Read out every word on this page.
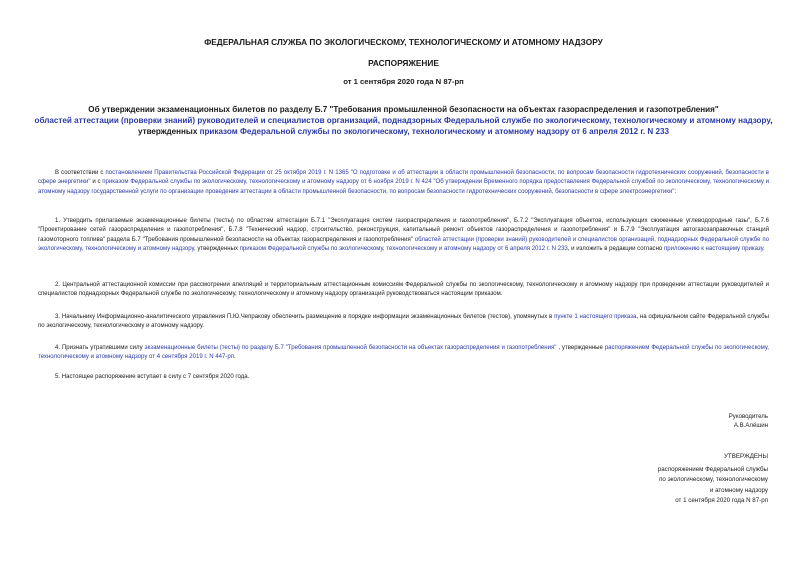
ФЕДЕРАЛЬНАЯ СЛУЖБА ПО ЭКОЛОГИЧЕСКОМУ, ТЕХНОЛОГИЧЕСКОМУ И АТОМНОМУ НАДЗОРУ
РАСПОРЯЖЕНИЕ
от 1 сентября 2020 года N 87-рп
Об утверждении экзаменационных билетов по разделу Б.7 "Требования промышленной безопасности на объектах газораспределения и газопотребления"
областей аттестации (проверки знаний) руководителей и специалистов организаций, поднадзорных Федеральной службе по экологическому, технологическому и атомному надзору, утвержденных приказом Федеральной службы по экологическому, технологическому и атомному надзору от 6 апреля 2012 г. N 233
В соответствии с постановлением Правительства Российской Федерации от 25 октября 2019 г. N 1365 "О подготовке и об аттестации в области промышленной безопасности, по вопросам безопасности гидротехнических сооружений, безопасности в сфере энергетики" и с приказом Федеральной службы по экологическому, технологическому и атомному надзору от 6 ноября 2019 г. N 424 "Об утверждении Временного порядка предоставления Федеральной службой по экологическому, технологическому и атомному надзору государственной услуги по организации проведения аттестации в области промышленной безопасности, по вопросам безопасности гидротехнических сооружений, безопасности в сфере электроэнергетики":
1. Утвердить прилагаемые экзаменационные билеты (тесты) по областям аттестации Б.7.1 "Эксплуатация систем газораспределения и газопотребления", Б.7.2 "Эксплуатация объектов, использующих сжиженные углеводородные газы", Б.7.6 "Проектирование сетей газораспределения и газопотребления", Б.7.8 "Технический надзор, строительство, реконструкция, капитальный ремонт объектов газораспределения и газопотребления" и Б.7.9 "Эксплуатация автогазозаправочных станций газомоторного топлива" раздела Б.7 "Требования промышленной безопасности на объектах газораспределения и газопотребления" областей аттестации (проверки знаний) руководителей и специалистов организаций, поднадзорных Федеральной службе по экологическому, технологическому и атомному надзору, утвержденных приказом Федеральной службы по экологическому, технологическому и атомному надзору от 6 апреля 2012 г. N 233, и изложить в редакции согласно приложению к настоящему приказу.
2. Центральной аттестационной комиссии при рассмотрении апелляций и территориальным аттестационным комиссиям Федеральной службы по экологическому, технологическому и атомному надзору при проведении аттестации руководителей и специалистов поднадзорных Федеральной службе по экологическому, технологическому и атомному надзору организаций руководствоваться настоящим приказом.
3. Начальнику Информационно-аналитического управления П.Ю.Чепракову обеспечить размещение в порядке информации экзаменационных билетов (тестов), упомянутых в пункте 1 настоящего приказа, на официальном сайте Федеральной службы по экологическому, технологическому и атомному надзору.
4. Признать утратившими силу экзаменационные билеты (тесты) по разделу Б.7 "Требования промышленной безопасности на объектах газораспределения и газопотребления" , утвержденные распоряжением Федеральной службы по экологическому, технологическому и атомному надзору от 4 сентября 2019 г. N 447-рп.
5. Настоящее распоряжение вступает в силу с 7 сентября 2020 года.
Руководитель
А.В.Алёшин
УТВЕРЖДЕНЫ
распоряжением Федеральной службы
по экологическому, технологическому
и атомному надзору
от 1 сентября 2020 года N 87-рп
